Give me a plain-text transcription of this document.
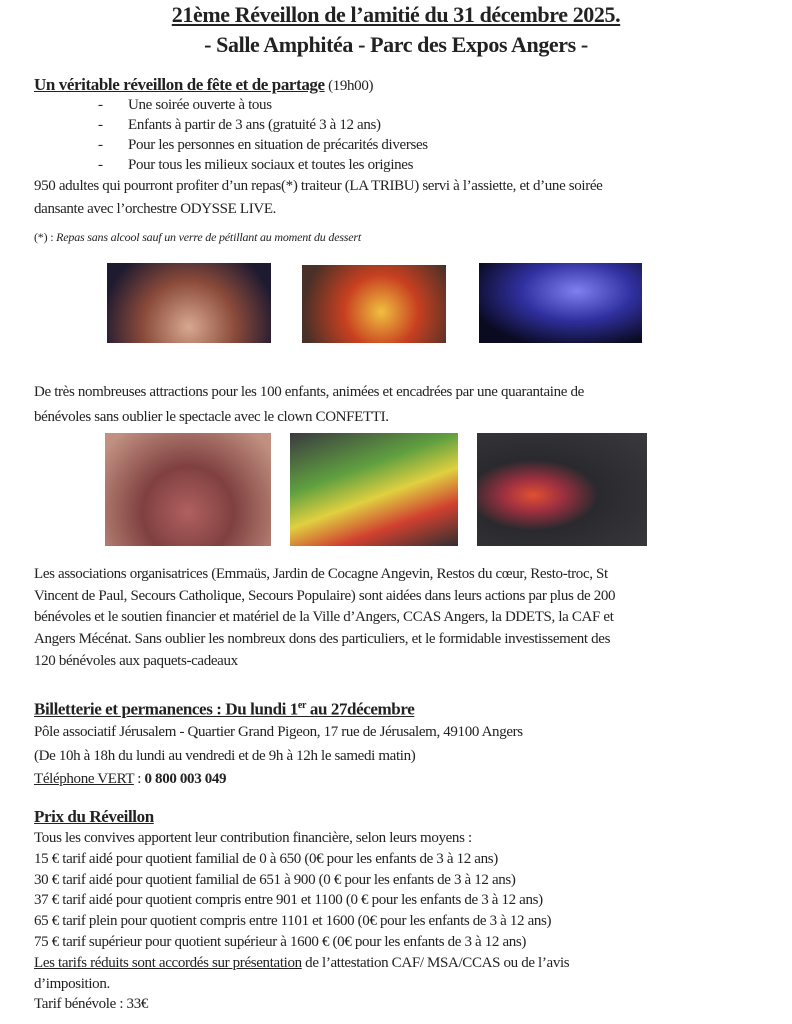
21ème Réveillon de l’amitié du 31 décembre 2025.
- Salle Amphitéa - Parc des Expos Angers -
Un véritable réveillon de fête et de partage (19h00)
- Une soirée ouverte à tous
- Enfants à partir de 3 ans (gratuité 3 à 12 ans)
- Pour les personnes en situation de précarités diverses
- Pour tous les milieux sociaux et toutes les origines
950 adultes qui pourront profiter d’un repas(*) traiteur (LA TRIBU) servi à l’assiette, et d’une soirée
dansante avec l’orchestre ODYSSE LIVE.
(*) : Repas sans alcool sauf un verre de pétillant au moment du dessert
De très nombreuses attractions pour les 100 enfants, animées et encadrées par une quarantaine de
bénévoles sans oublier le spectacle avec le clown CONFETTI.
Les associations organisatrices (Emmaüs, Jardin de Cocagne Angevin, Restos du cœur, Resto-troc, St
Vincent de Paul, Secours Catholique, Secours Populaire) sont aidées dans leurs actions par plus de 200
bénévoles et le soutien financier et matériel de la Ville d’Angers, CCAS Angers, la DDETS, la CAF et
Angers Mécénat. Sans oublier les nombreux dons des particuliers, et le formidable investissement des
120 bénévoles aux paquets-cadeaux
Billetterie et permanences : Du lundi 1er au 27décembre
Pôle associatif Jérusalem - Quartier Grand Pigeon, 17 rue de Jérusalem, 49100 Angers
(De 10h à 18h du lundi au vendredi et de 9h à 12h le samedi matin)
Téléphone VERT : 0 800 003 049
Prix du Réveillon
Tous les convives apportent leur contribution financière, selon leurs moyens :
15 € tarif aidé pour quotient familial de 0 à 650 (0€ pour les enfants de 3 à 12 ans)
30 € tarif aidé pour quotient familial de 651 à 900 (0 € pour les enfants de 3 à 12 ans)
37 € tarif aidé pour quotient compris entre 901 et 1100 (0 € pour les enfants de 3 à 12 ans)
65 € tarif plein pour quotient compris entre 1101 et 1600 (0€ pour les enfants de 3 à 12 ans)
75 € tarif supérieur pour quotient supérieur à 1600 € (0€ pour les enfants de 3 à 12 ans)
Les tarifs réduits sont accordés sur présentation de l’attestation CAF/ MSA/CCAS ou de l’avis
d’imposition.
Tarif bénévole : 33€
